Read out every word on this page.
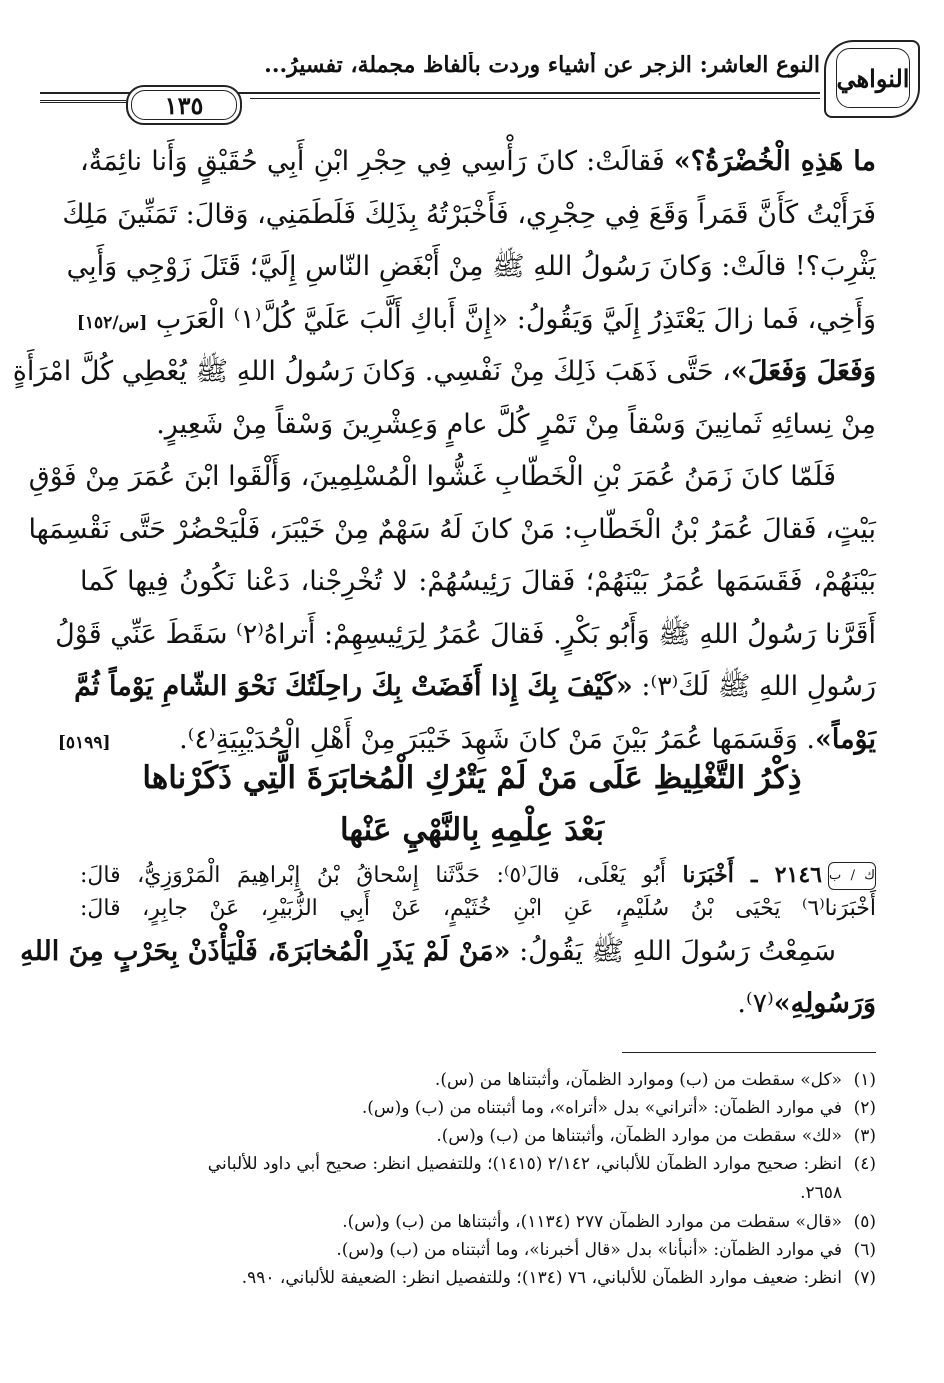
النواهي
النوع العاشر: الزجر عن أشياء وردت بألفاظ مجملة، تفسيرُ...
١٣٥
ما هَذِهِ الْخُضْرَةُ؟» فَقالَتْ: كانَ رَأْسِي فِي حِجْرِ ابْنِ أَبِي حُقَيْقٍ وَأَنا نائِمَةٌ،
فَرَأَيْتُ كَأَنَّ قَمَراً وَقَعَ فِي حِجْرِي، فَأَخْبَرْتُهُ بِذَلِكَ فَلَطَمَنِي، وَقالَ: تَمَنِّينَ مَلِكَ
يَثْرِبَ؟! قالَتْ: وَكانَ رَسُولُ اللهِ ﷺ مِنْ أَبْغَضِ النّاسِ إِلَيَّ؛ قَتَلَ زَوْجِي وَأَبِي
وَأَخِي، فَما زالَ يَعْتَذِرُ إِلَيَّ وَيَقُولُ: «إِنَّ أَباكِ أَلَّبَ عَلَيَّ كُلَّ⁽١⁾ الْعَرَبِ [س/١٥٢]
وَفَعَلَ وَفَعَلَ»، حَتَّى ذَهَبَ ذَلِكَ مِنْ نَفْسِي. وَكانَ رَسُولُ اللهِ ﷺ يُعْطِي كُلَّ امْرَأَةٍ
مِنْ نِسائِهِ ثَمانِينَ وَسْقاً مِنْ تَمْرٍ كُلَّ عامٍ وَعِشْرِينَ وَسْقاً مِنْ شَعِيرٍ.
فَلَمّا كانَ زَمَنُ عُمَرَ بْنِ الْخَطّابِ غَشُّوا الْمُسْلِمِينَ، وَأَلْقَوا ابْنَ عُمَرَ مِنْ فَوْقِ
بَيْتٍ، فَقالَ عُمَرُ بْنُ الْخَطّابِ: مَنْ كانَ لَهُ سَهْمٌ مِنْ خَيْبَرَ، فَلْيَحْضُرْ حَتَّى نَقْسِمَها
بَيْنَهُمْ، فَقَسَمَها عُمَرُ بَيْنَهُمْ؛ فَقالَ رَئِيسُهُمْ: لا تُخْرِجْنا، دَعْنا نَكُونُ فِيها كَما
أَقَرَّنا رَسُولُ اللهِ ﷺ وَأَبُو بَكْرٍ. فَقالَ عُمَرُ لِرَئِيسِهِمْ: أَتراهُ⁽٢⁾ سَقَطَ عَنِّي قَوْلُ
رَسُولِ اللهِ ﷺ لَكَ⁽٣⁾: «كَيْفَ بِكَ إِذا أَفَضَتْ بِكَ راحِلَتُكَ نَحْوَ الشّامِ يَوْماً ثُمَّ
يَوْماً». وَقَسَمَها عُمَرُ بَيْنَ مَنْ كانَ شَهِدَ خَيْبَرَ مِنْ أَهْلِ الْحُدَيْبِيَةِ⁽٤⁾.        [٥١٩٩]
ذِكْرُ التَّغْلِيظِ عَلَى مَنْ لَمْ يَتْرُكِ الْمُخابَرَةَ الَّتِي ذَكَرْناها
بَعْدَ عِلْمِهِ بِالنَّهْيِ عَنْها
ك / ب٢١٤٦ ـ أَخْبَرَنا أَبُو يَعْلَى، قالَ⁽٥⁾: حَدَّثَنا إِسْحاقُ بْنُ إِبْراهِيمَ الْمَرْوَزِيُّ، قالَ:
أَخْبَرَنا⁽٦⁾ يَحْيَى بْنُ سُلَيْمٍ، عَنِ ابْنِ خُثَيْمٍ، عَنْ أَبِي الزُّبَيْرِ، عَنْ جابِرٍ، قالَ:
سَمِعْتُ رَسُولَ اللهِ ﷺ يَقُولُ: «مَنْ لَمْ يَذَرِ الْمُخابَرَةَ، فَلْيَأْذَنْ بِحَرْبٍ مِنَ اللهِ
وَرَسُولِهِ»⁽٧⁾.
(١)
«كل» سقطت من (ب) وموارد الظمآن، وأثبتناها من (س).
(٢)
في موارد الظمآن: «أتراني» بدل «أتراه»، وما أثبتناه من (ب) و(س).
(٣)
«لك» سقطت من موارد الظمآن، وأثبتناها من (ب) و(س).
(٤)
انظر: صحيح موارد الظمآن للألباني، ٢/١٤٢ (١٤١٥)؛ وللتفصيل انظر: صحيح أبي داود للألباني
٢٦٥٨.
(٥)
«قال» سقطت من موارد الظمآن ٢٧٧ (١١٣٤)، وأثبتناها من (ب) و(س).
(٦)
في موارد الظمآن: «أنبأنا» بدل «قال أخبرنا»، وما أثبتناه من (ب) و(س).
(٧)
انظر: ضعيف موارد الظمآن للألباني، ٧٦ (١٣٤)؛ وللتفصيل انظر: الضعيفة للألباني، ٩٩٠.
